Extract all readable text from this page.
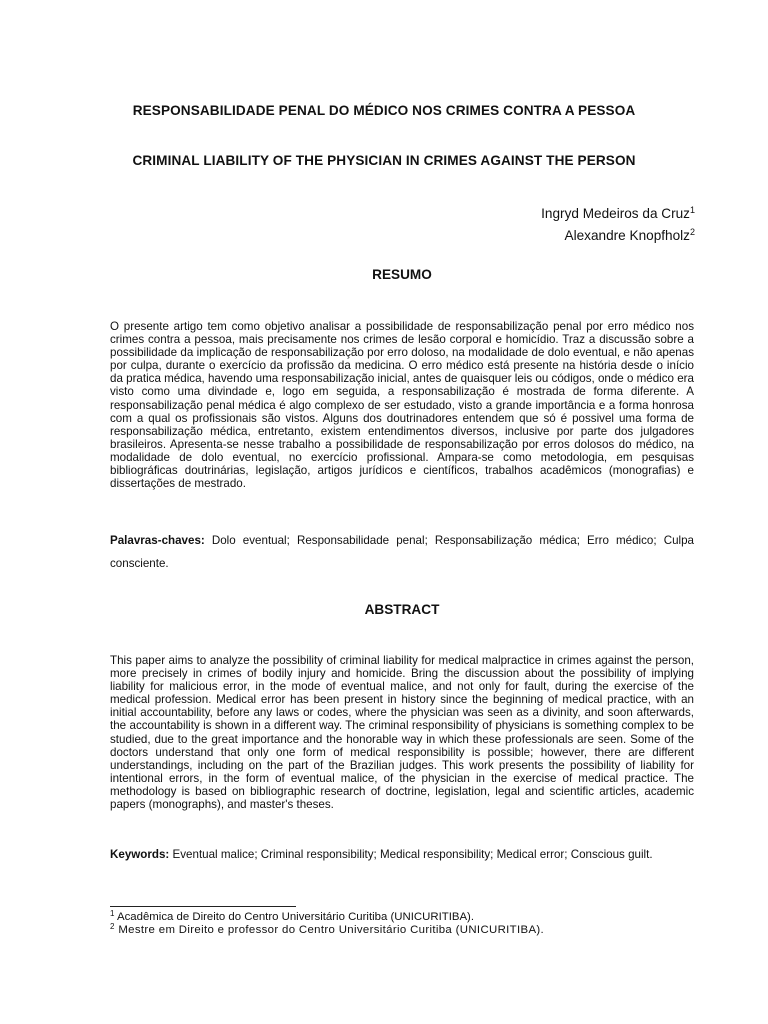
RESPONSABILIDADE PENAL DO MÉDICO NOS CRIMES CONTRA A PESSOA
CRIMINAL LIABILITY OF THE PHYSICIAN IN CRIMES AGAINST THE PERSON
Ingryd Medeiros da Cruz$^1$
Alexandre Knopfholz$^2$
RESUMO

O presente artigo tem como objetivo analisar a possibilidade de responsabilização penal por erro médico nos crimes contra a pessoa, mais precisamente nos crimes de lesão corporal e homicídio. Traz a discussão sobre a possibilidade da implicação de responsabilização por erro doloso, na modalidade de dolo eventual, e não apenas por culpa, durante o exercício da profissão da medicina. O erro médico está presente na história desde o início da pratica médica, havendo uma responsabilização inicial, antes de quaisquer leis ou códigos, onde o médico era visto como uma divindade e, logo em seguida, a responsabilização é mostrada de forma diferente. A responsabilização penal médica é algo complexo de ser estudado, visto a grande importância e a forma honrosa com a qual os profissionais são vistos. Alguns dos doutrinadores entendem que só é possivel uma forma de responsabilização médica, entretanto, existem entendimentos diversos, inclusive por parte dos julgadores brasileiros. Apresenta-se nesse trabalho a possibilidade de responsabilização por erros dolosos do médico, na modalidade de dolo eventual, no exercício profissional. Ampara-se como metodologia, em pesquisas bibliográficas doutrinárias, legislação, artigos jurídicos e científicos, trabalhos acadêmicos (monografias) e dissertações de mestrado.

Palavras-chaves: Dolo eventual; Responsabilidade penal; Responsabilização médica; Erro médico; Culpa consciente.

ABSTRACT

This paper aims to analyze the possibility of criminal liability for medical malpractice in crimes against the person, more precisely in crimes of bodily injury and homicide. Bring the discussion about the possibility of implying liability for malicious error, in the mode of eventual malice, and not only for fault, during the exercise of the medical profession. Medical error has been present in history since the beginning of medical practice, with an initial accountability, before any laws or codes, where the physician was seen as a divinity, and soon afterwards, the accountability is shown in a different way. The criminal responsibility of physicians is something complex to be studied, due to the great importance and the honorable way in which these professionals are seen. Some of the doctors understand that only one form of medical responsibility is possible; however, there are different understandings, including on the part of the Brazilian judges. This work presents the possibility of liability for intentional errors, in the form of eventual malice, of the physician in the exercise of medical practice. The methodology is based on bibliographic research of doctrine, legislation, legal and scientific articles, academic papers (monographs), and master's theses.

Keywords: Eventual malice; Criminal responsibility; Medical responsibility; Medical error; Conscious guilt.

$^1$ Acadêmica de Direito do Centro Universitário Curitiba (UNICURITIBA).
$^2$ Mestre em Direito e professor do Centro Universitário Curitiba (UNICURITIBA).
